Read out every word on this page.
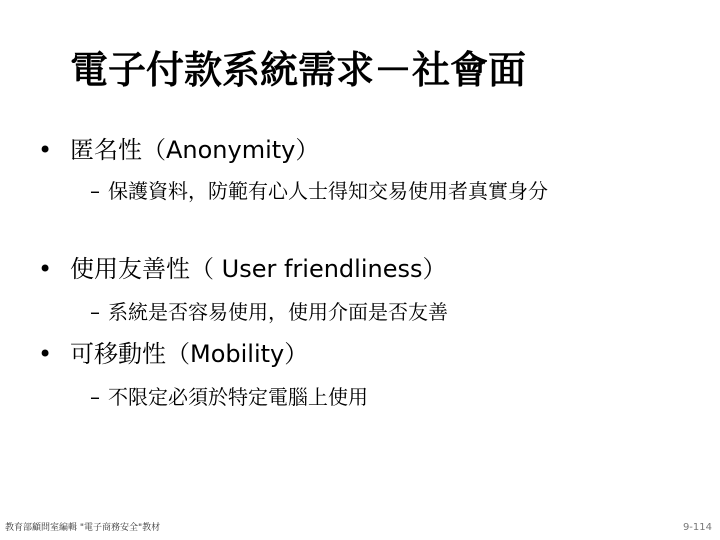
電子付款系統需求－社會面
• 匿名性（Anonymity）
– 保護資料，防範有心人士得知交易使用者真實身分
• 使用友善性（ User friendliness）
– 系統是否容易使用，使用介面是否友善
• 可移動性（Mobility）
– 不限定必須於特定電腦上使用
教育部顧問室編輯 "電子商務安全"教材	9-114
